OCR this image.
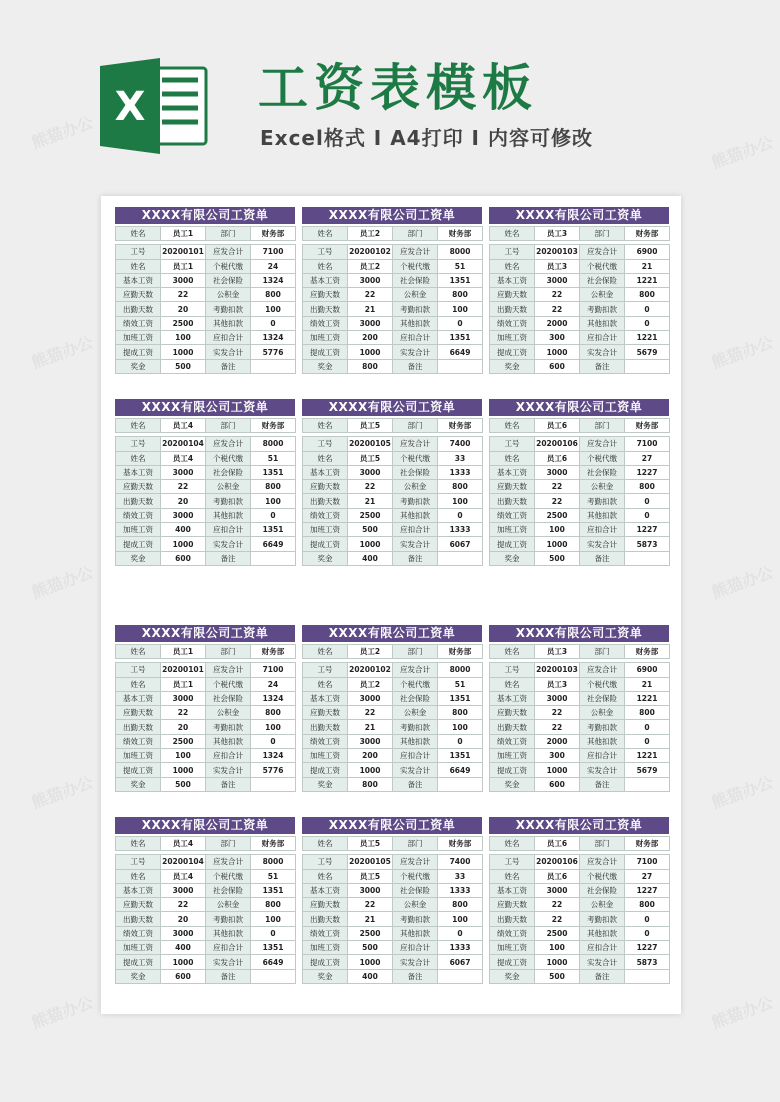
X 工资表模板
Excel格式 I A4打印 I 内容可修改
熊猫办公
熊猫办公
熊猫办公	熊猫办公
熊猫办公	熊猫办公
熊猫办公	熊猫办公
熊猫办公	熊猫办公
XXXX有限公司工资单
姓名	员工1	部门	财务部

工号	20200101	应发合计	7100
姓名	员工1	个税代缴	24
基本工资	3000	社会保险	1324
应勤天数	22	公积金	800
出勤天数	20	考勤扣款	100
绩效工资	2500	其他扣款	0
加班工资	100	应扣合计	1324
提成工资	1000	实发合计	5776
奖金	500	备注	
XXXX有限公司工资单
姓名	员工2	部门	财务部

工号	20200102	应发合计	8000
姓名	员工2	个税代缴	51
基本工资	3000	社会保险	1351
应勤天数	22	公积金	800
出勤天数	21	考勤扣款	100
绩效工资	3000	其他扣款	0
加班工资	200	应扣合计	1351
提成工资	1000	实发合计	6649
奖金	800	备注	
XXXX有限公司工资单
姓名	员工3	部门	财务部

工号	20200103	应发合计	6900
姓名	员工3	个税代缴	21
基本工资	3000	社会保险	1221
应勤天数	22	公积金	800
出勤天数	22	考勤扣款	0
绩效工资	2000	其他扣款	0
加班工资	300	应扣合计	1221
提成工资	1000	实发合计	5679
奖金	600	备注	
XXXX有限公司工资单
姓名	员工4	部门	财务部

工号	20200104	应发合计	8000
姓名	员工4	个税代缴	51
基本工资	3000	社会保险	1351
应勤天数	22	公积金	800
出勤天数	20	考勤扣款	100
绩效工资	3000	其他扣款	0
加班工资	400	应扣合计	1351
提成工资	1000	实发合计	6649
奖金	600	备注	
XXXX有限公司工资单
姓名	员工5	部门	财务部

工号	20200105	应发合计	7400
姓名	员工5	个税代缴	33
基本工资	3000	社会保险	1333
应勤天数	22	公积金	800
出勤天数	21	考勤扣款	100
绩效工资	2500	其他扣款	0
加班工资	500	应扣合计	1333
提成工资	1000	实发合计	6067
奖金	400	备注	
XXXX有限公司工资单
姓名	员工6	部门	财务部

工号	20200106	应发合计	7100
姓名	员工6	个税代缴	27
基本工资	3000	社会保险	1227
应勤天数	22	公积金	800
出勤天数	22	考勤扣款	0
绩效工资	2500	其他扣款	0
加班工资	100	应扣合计	1227
提成工资	1000	实发合计	5873
奖金	500	备注	
XXXX有限公司工资单
姓名	员工1	部门	财务部

工号	20200101	应发合计	7100
姓名	员工1	个税代缴	24
基本工资	3000	社会保险	1324
应勤天数	22	公积金	800
出勤天数	20	考勤扣款	100
绩效工资	2500	其他扣款	0
加班工资	100	应扣合计	1324
提成工资	1000	实发合计	5776
奖金	500	备注	
XXXX有限公司工资单
姓名	员工2	部门	财务部

工号	20200102	应发合计	8000
姓名	员工2	个税代缴	51
基本工资	3000	社会保险	1351
应勤天数	22	公积金	800
出勤天数	21	考勤扣款	100
绩效工资	3000	其他扣款	0
加班工资	200	应扣合计	1351
提成工资	1000	实发合计	6649
奖金	800	备注	
XXXX有限公司工资单
姓名	员工3	部门	财务部

工号	20200103	应发合计	6900
姓名	员工3	个税代缴	21
基本工资	3000	社会保险	1221
应勤天数	22	公积金	800
出勤天数	22	考勤扣款	0
绩效工资	2000	其他扣款	0
加班工资	300	应扣合计	1221
提成工资	1000	实发合计	5679
奖金	600	备注	
XXXX有限公司工资单
姓名	员工4	部门	财务部

工号	20200104	应发合计	8000
姓名	员工4	个税代缴	51
基本工资	3000	社会保险	1351
应勤天数	22	公积金	800
出勤天数	20	考勤扣款	100
绩效工资	3000	其他扣款	0
加班工资	400	应扣合计	1351
提成工资	1000	实发合计	6649
奖金	600	备注	
XXXX有限公司工资单
姓名	员工5	部门	财务部

工号	20200105	应发合计	7400
姓名	员工5	个税代缴	33
基本工资	3000	社会保险	1333
应勤天数	22	公积金	800
出勤天数	21	考勤扣款	100
绩效工资	2500	其他扣款	0
加班工资	500	应扣合计	1333
提成工资	1000	实发合计	6067
奖金	400	备注	
XXXX有限公司工资单
姓名	员工6	部门	财务部

工号	20200106	应发合计	7100
姓名	员工6	个税代缴	27
基本工资	3000	社会保险	1227
应勤天数	22	公积金	800
出勤天数	22	考勤扣款	0
绩效工资	2500	其他扣款	0
加班工资	100	应扣合计	1227
提成工资	1000	实发合计	5873
奖金	500	备注	
